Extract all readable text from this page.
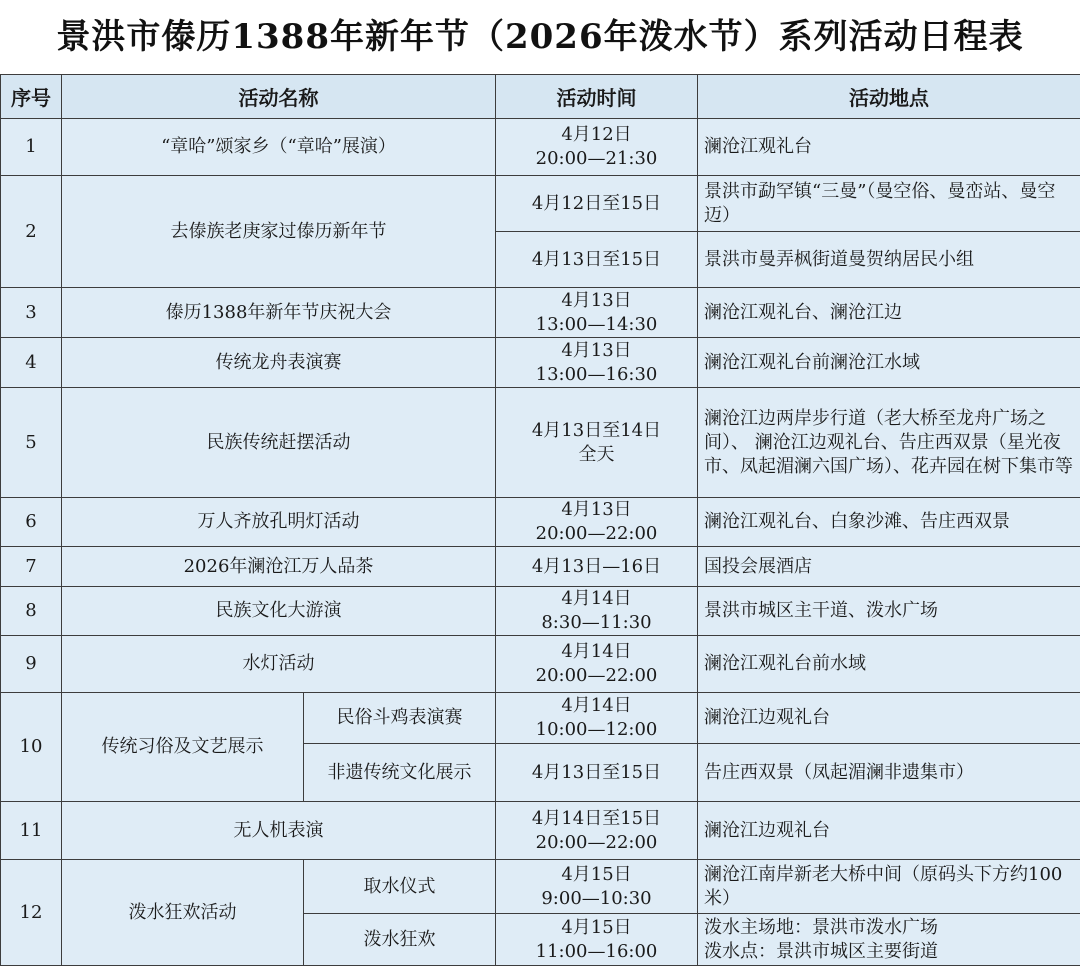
景洪市傣历1388年新年节（2026年泼水节）系列活动日程表
序号	活动名称		活动时间	活动地点
1	“章哈”颂家乡（“章哈”展演）		4月12日
20:00—21:30	澜沧江观礼台
2	去傣族老庚家过傣历新年节		4月12日至15日	景洪市勐罕镇“三曼”（曼空俗、曼峦站、曼空迈）
			4月13日至15日	景洪市曼弄枫街道曼贺纳居民小组
3	傣历1388年新年节庆祝大会		4月13日
13:00—14:30	澜沧江观礼台、澜沧江边
4	传统龙舟表演赛		4月13日
13:00—16:30	澜沧江观礼台前澜沧江水域
5	民族传统赶摆活动		4月13日至14日
全天	澜沧江边两岸步行道（老大桥至龙舟广场之间）、 澜沧江边观礼台、告庄西双景（星光夜市、凤起湄澜六国广场）、花卉园在树下集市等
6	万人齐放孔明灯活动		4月13日
20:00—22:00	澜沧江观礼台、白象沙滩、告庄西双景
7	2026年澜沧江万人品茶		4月13日—16日	国投会展酒店
8	民族文化大游演		4月14日
8:30—11:30	景洪市城区主干道、泼水广场
9	水灯活动		4月14日
20:00—22:00	澜沧江观礼台前水域
10	传统习俗及文艺展示	民俗斗鸡表演赛	4月14日
10:00—12:00	澜沧江边观礼台
		非遗传统文化展示	4月13日至15日	告庄西双景（凤起湄澜非遗集市）
11	无人机表演		4月14日至15日
20:00—22:00	澜沧江边观礼台
12	泼水狂欢活动	取水仪式	4月15日
9:00—10:30	澜沧江南岸新老大桥中间（原码头下方约100米）
		泼水狂欢	4月15日
11:00—16:00	泼水主场地：景洪市泼水广场
泼水点：景洪市城区主要街道
